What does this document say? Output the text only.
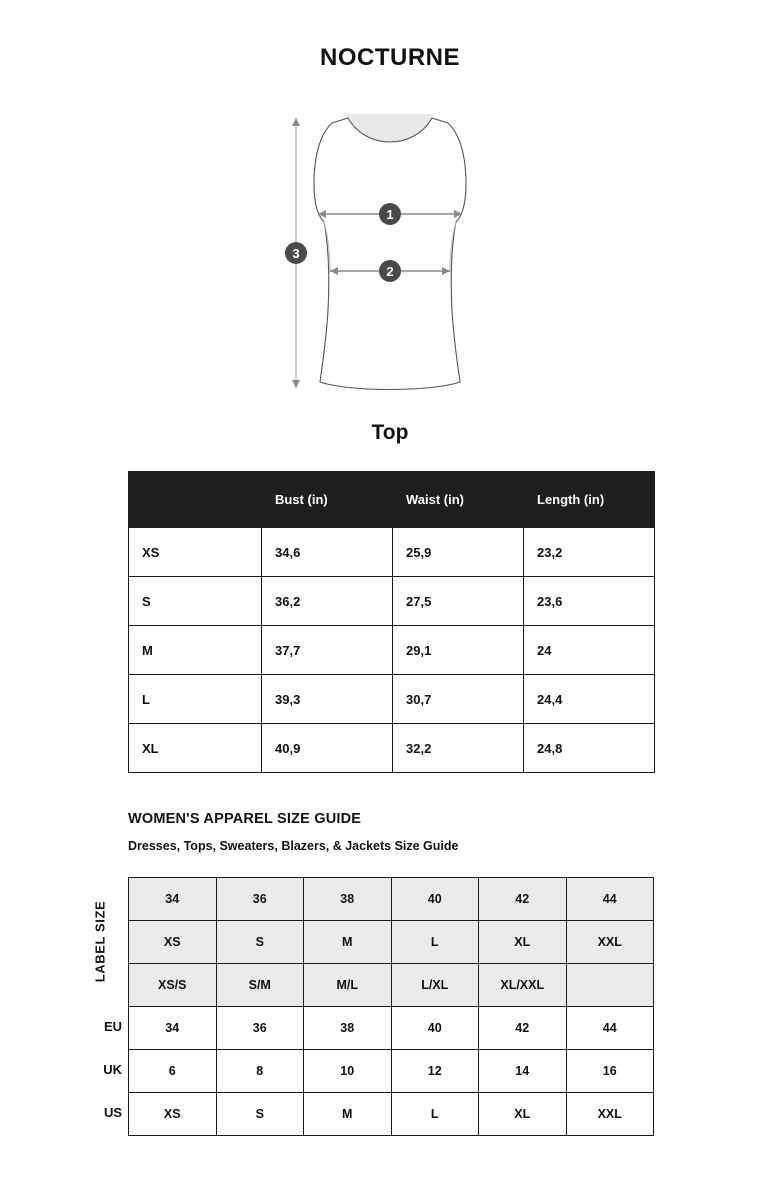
NOCTURNE
1
2
3
Top
	Bust (in)	Waist (in)	Length (in)
XS	34,6	25,9	23,2
S	36,2	27,5	23,6
M	37,7	29,1	24
L	39,3	30,7	24,4
XL	40,9	32,2	24,8
WOMEN'S APPAREL SIZE GUIDE
Dresses, Tops, Sweaters, Blazers, & Jackets Size Guide
LABEL SIZE
EU
UK
US
34	36	38	40	42	44
XS	S	M	L	XL	XXL
XS/S	S/M	M/L	L/XL	XL/XXL	
34	36	38	40	42	44
6	8	10	12	14	16
XS	S	M	L	XL	XXL
